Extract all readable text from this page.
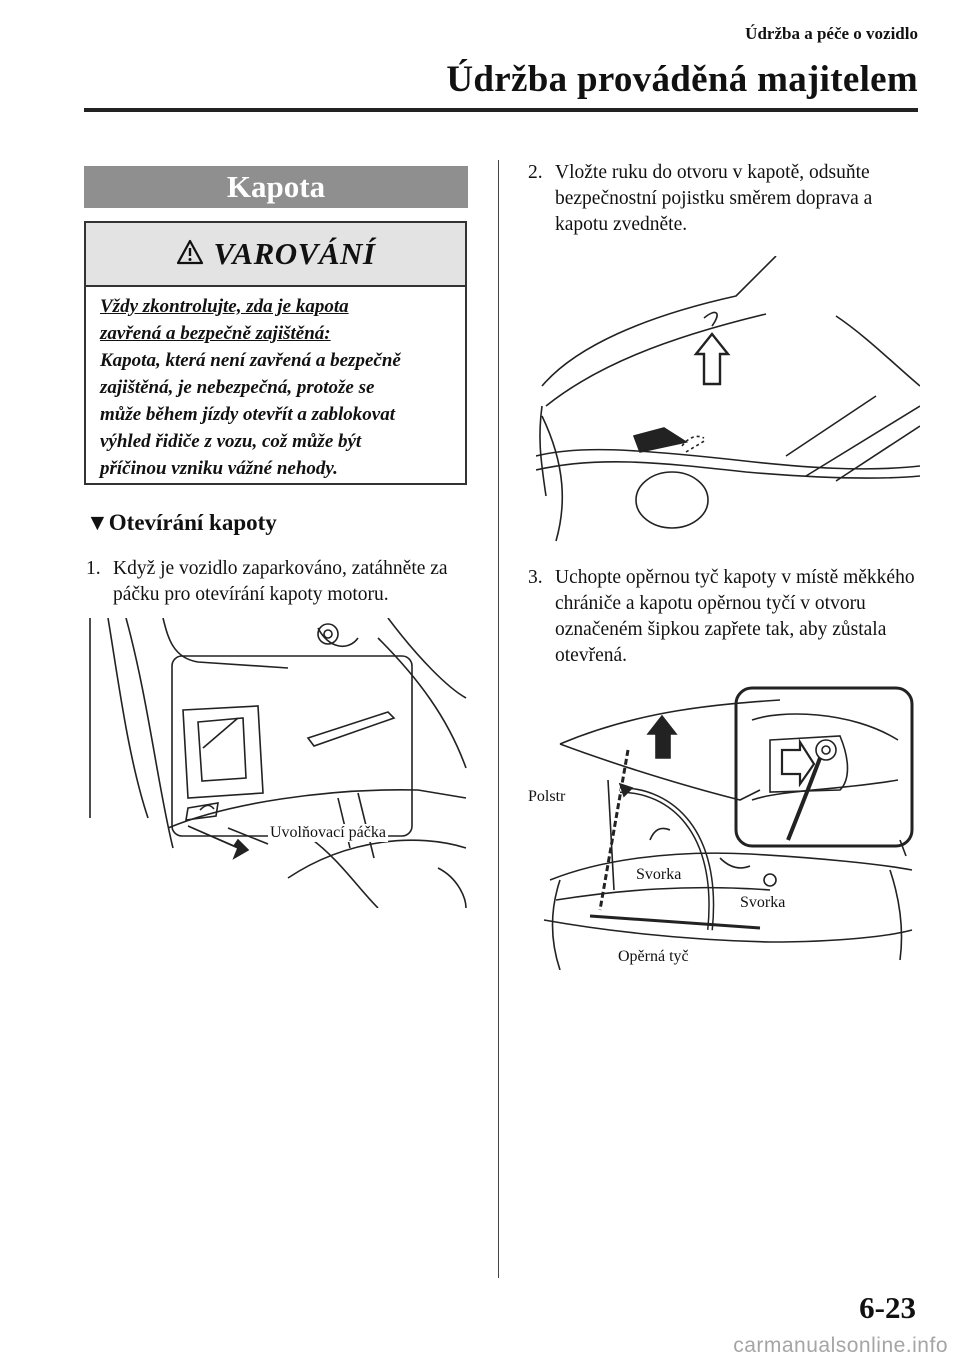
Údržba a péče o vozidlo
Údržba prováděná majitelem
Kapota
VAROVÁNÍ
Vždy zkontrolujte, zda je kapota
zavřená a bezpečně zajištěná:
Kapota, která není zavřená a bezpečně
zajištěná, je nebezpečná, protože se
může během jízdy otevřít a zablokovat
výhled řidiče z vozu, což může být
příčinou vzniku vážné nehody.
▼Otevírání kapoty
1. Když je vozidlo zaparkováno, zatáhněte za páčku pro otevírání kapoty motoru.
Uvolňovací páčka
2. Vložte ruku do otvoru v kapotě, odsuňte bezpečnostní pojistku směrem doprava a kapotu zvedněte.
3. Uchopte opěrnou tyč kapoty v místě měkkého chrániče a kapotu opěrnou tyčí v otvoru označeném šipkou zapřete tak, aby zůstala otevřená.
Polstr
Svorka
Svorka
Opěrná tyč
6-23
carmanualsonline.info
